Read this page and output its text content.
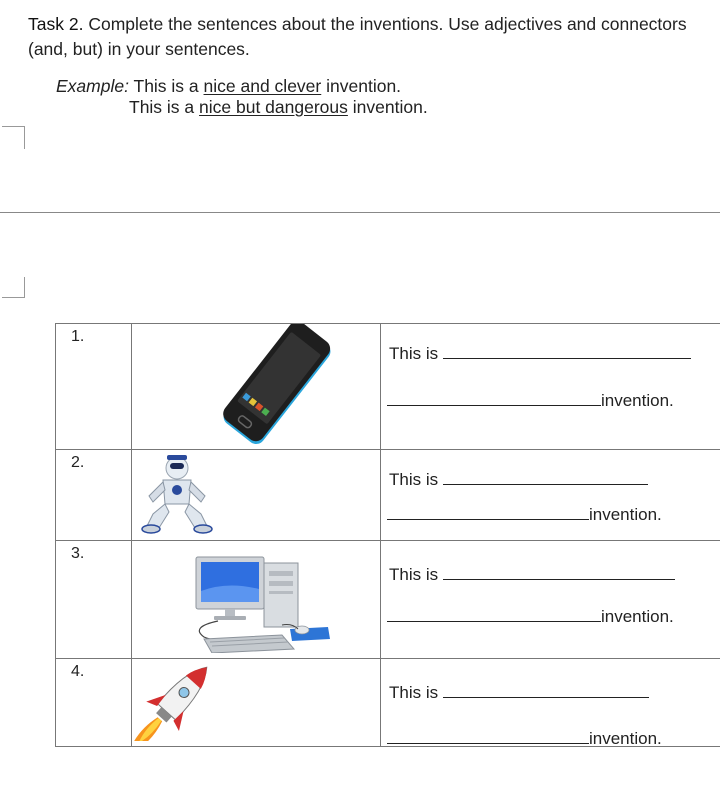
Task 2. Complete the sentences about the inventions. Use adjectives and connectors (and, but) in your sentences.
Example: This is a nice and clever invention.
This is a nice but dangerous invention.
1.		This is
invention.

2.		This is
invention.

3.		This is
invention.

4.		This is
invention.
